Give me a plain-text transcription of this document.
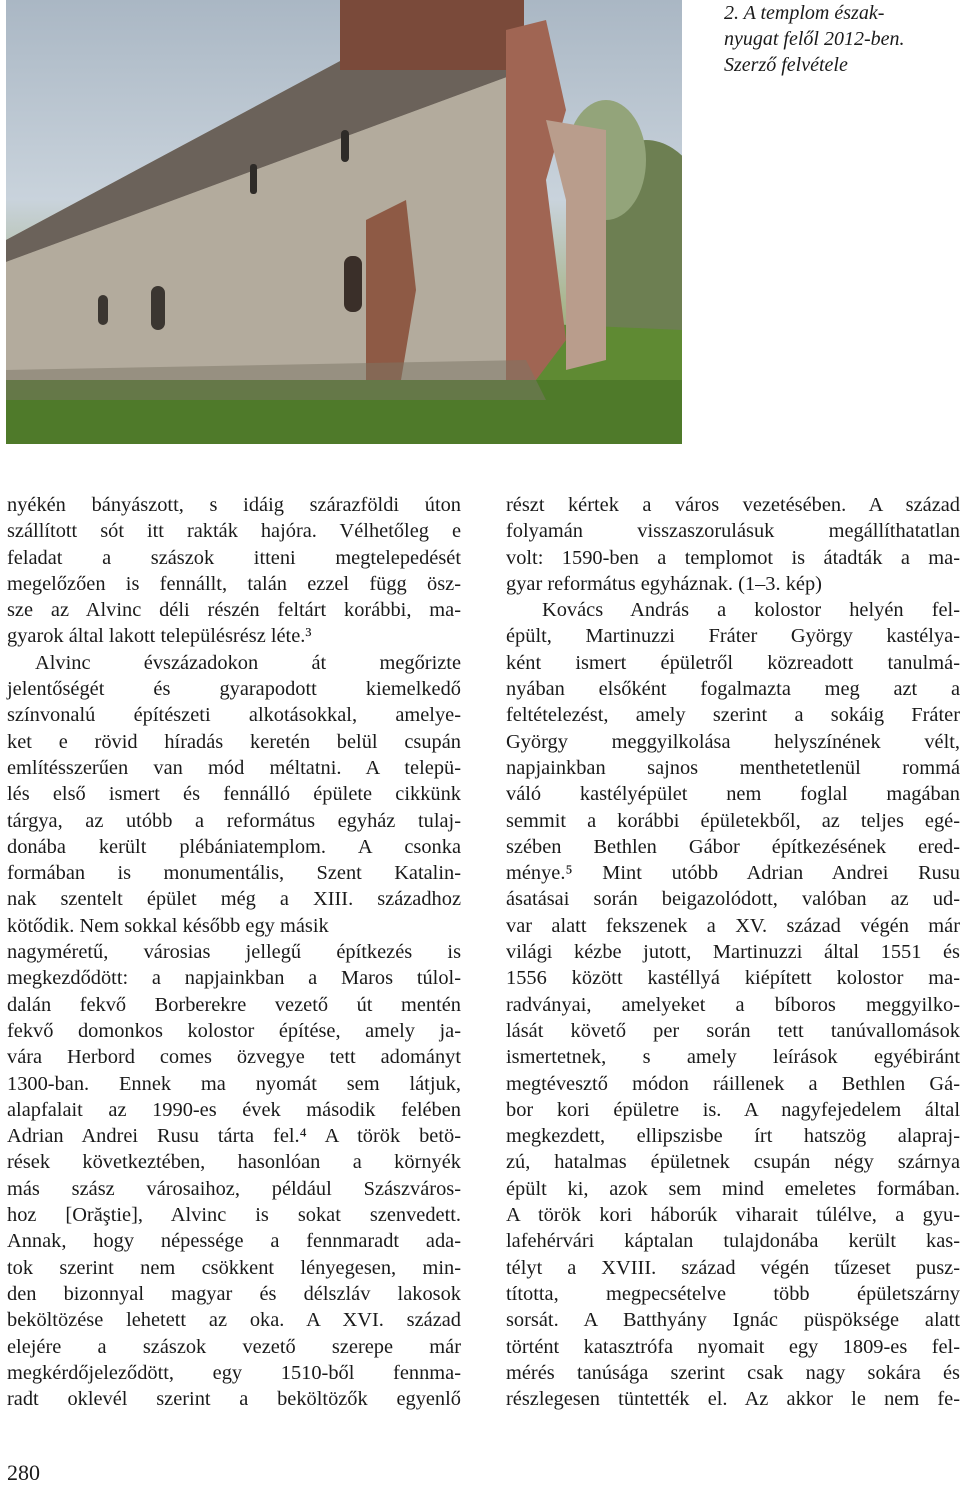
2. A templom észak-
nyugat felől 2012-ben.
Szerző felvétele
nyékén bányászott, s idáig szárazföldi úton
szállított sót itt rakták hajóra. Vélhetőleg e
feladat a szászok itteni megtelepedését
megelőzően is fennállt, talán ezzel függ ösz-
sze az Alvinc déli részén feltárt korábbi, ma-
gyarok által lakott településrész léte.³
Alvinc évszázadokon át megőrizte
jelentőségét és gyarapodott kiemelkedő
színvonalú építészeti alkotásokkal, amelye-
ket e rövid híradás keretén belül csupán
említésszerűen van mód méltatni. A telepü-
lés első ismert és fennálló épülete cikkünk
tárgya, az utóbb a református egyház tulaj-
donába került plébániatemplom. A csonka
formában is monumentális, Szent Katalin-
nak szentelt épület még a XIII. századhoz
kötődik. Nem sokkal később egy másik
nagyméretű, városias jellegű építkezés is
megkezdődött: a napjainkban a Maros túlol-
dalán fekvő Borberekre vezető út mentén
fekvő domonkos kolostor építése, amely ja-
vára Herbord comes özvegye tett adományt
1300-ban. Ennek ma nyomát sem látjuk,
alapfalait az 1990-es évek második felében
Adrian Andrei Rusu tárta fel.⁴ A török betö-
rések következtében, hasonlóan a környék
más szász városaihoz, például Szászváros-
hoz [Orăştie], Alvinc is sokat szenvedett.
Annak, hogy népessége a fennmaradt ada-
tok szerint nem csökkent lényegesen, min-
den bizonnyal magyar és délszláv lakosok
beköltözése lehetett az oka. A XVI. század
elejére a szászok vezető szerepe már
megkérdőjeleződött, egy 1510-ből fennma-
radt oklevél szerint a beköltözők egyenlő
részt kértek a város vezetésében. A század
folyamán visszaszorulásuk megállíthatatlan
volt: 1590-ben a templomot is átadták a ma-
gyar református egyháznak. (1–3. kép)
Kovács András a kolostor helyén fel-
épült, Martinuzzi Fráter György kastélya-
ként ismert épületről közreadott tanulmá-
nyában elsőként fogalmazta meg azt a
feltételezést, amely szerint a sokáig Fráter
György meggyilkolása helyszínének vélt,
napjainkban sajnos menthetetlenül rommá
váló kastélyépület nem foglal magában
semmit a korábbi épületekből, az teljes egé-
szében Bethlen Gábor építkezésének ered-
ménye.⁵ Mint utóbb Adrian Andrei Rusu
ásatásai során beigazolódott, valóban az ud-
var alatt fekszenek a XV. század végén már
világi kézbe jutott, Martinuzzi által 1551 és
1556 között kastéllyá kiépített kolostor ma-
radványai, amelyeket a bíboros meggyilko-
lását követő per során tett tanúvallomások
ismertetnek, s amely leírások egyébiránt
megtévesztő módon ráillenek a Bethlen Gá-
bor kori épületre is. A nagyfejedelem által
megkezdett, ellipszisbe írt hatszög alapraj-
zú, hatalmas épületnek csupán négy szárnya
épült ki, azok sem mind emeletes formában.
A török kori háborúk viharait túlélve, a gyu-
lafehérvári káptalan tulajdonába került kas-
télyt a XVIII. század végén tűzeset pusz-
tította, megpecsételve több épületszárny
sorsát. A Batthyány Ignác püspöksége alatt
történt katasztrófa nyomait egy 1809-es fel-
mérés tanúsága szerint csak nagy sokára és
részlegesen tüntették el. Az akkor le nem fe-
280
